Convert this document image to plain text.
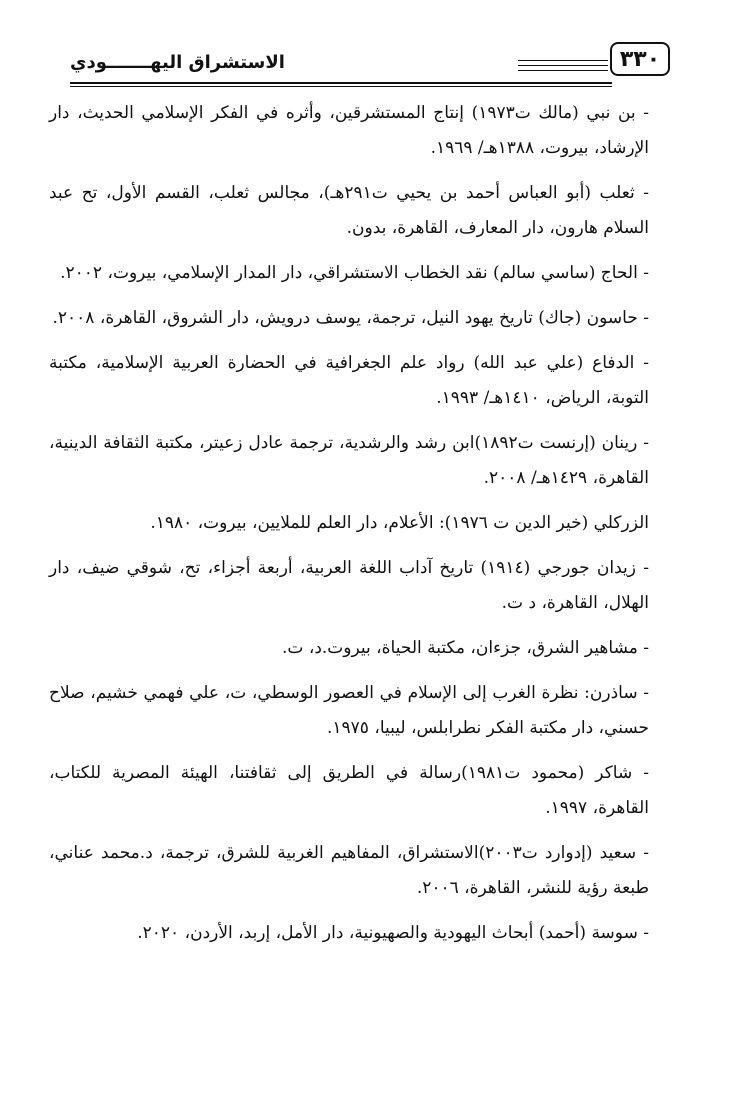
٣٣٠
الاستشراق اليهـــــــودي
- بن نبي (مالك ت١٩٧٣) إنتاج المستشرقين، وأثره في الفكر الإسلامي الحديث، دار الإرشاد، بيروت، ١٣٨٨هـ/ ١٩٦٩.
- ثعلب (أبو العباس أحمد بن يحيي ت٢٩١هـ)، مجالس ثعلب، القسم الأول، تح عبد السلام هارون، دار المعارف، القاهرة، بدون.
- الحاج (ساسي سالم) نقد الخطاب الاستشراقي، دار المدار الإسلامي، بيروت، ٢٠٠٢.
- حاسون (جاك) تاريخ يهود النيل، ترجمة، يوسف درويش، دار الشروق، القاهرة، ٢٠٠٨.
- الدفاع (علي عبد الله) رواد علم الجغرافية في الحضارة العربية الإسلامية، مكتبة التوبة، الرياض، ١٤١٠هـ/ ١٩٩٣.
- رينان (إرنست ت١٨٩٢)ابن رشد والرشدية، ترجمة عادل زعيتر، مكتبة الثقافة الدينية، القاهرة، ١٤٢٩هـ/ ٢٠٠٨.
الزركلي (خير الدين ت ١٩٧٦): الأعلام، دار العلم للملايين، بيروت، ١٩٨٠.
- زيدان جورجي (١٩١٤) تاريخ آداب اللغة العربية، أربعة أجزاء، تح، شوقي ضيف، دار الهلال، القاهرة، د ت.
- مشاهير الشرق، جزءان، مكتبة الحياة، بيروت.د، ت.
- ساذرن: نظرة الغرب إلى الإسلام في العصور الوسطي، ت، علي فهمي خشيم، صلاح حسني، دار مكتبة الفكر نطرابلس، ليبيا، ١٩٧٥.
- شاكر (محمود ت١٩٨١)رسالة في الطريق إلى ثقافتنا، الهيئة المصرية للكتاب، القاهرة، ١٩٩٧.
- سعيد (إدوارد ت٢٠٠٣)الاستشراق، المفاهيم الغربية للشرق، ترجمة، د.محمد عناني، طبعة رؤية للنشر، القاهرة، ٢٠٠٦.
- سوسة (أحمد) أبحاث اليهودية والصهيونية، دار الأمل، إربد، الأردن، ٢٠٢٠.
